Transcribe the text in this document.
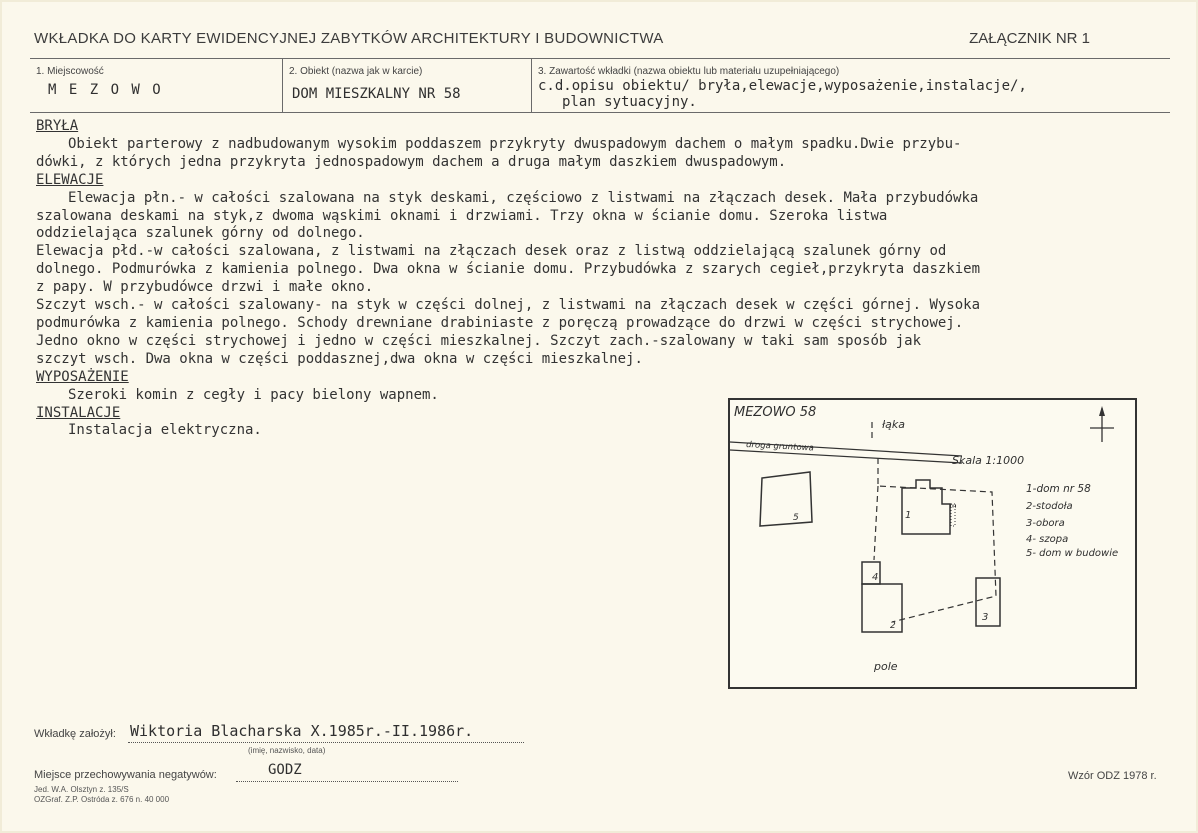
WKŁADKA DO KARTY EWIDENCYJNEJ ZABYTKÓW ARCHITEKTURY I BUDOWNICTWA	ZAŁĄCZNIK NR 1
1. Miejscowość
M E Z O W O
2. Obiekt (nazwa jak w karcie)
DOM MIESZKALNY NR 58
3. Zawartość wkładki (nazwa obiektu lub materiału uzupełniającego)
c.d.opisu obiektu/ bryła,elewacje,wyposażenie,instalacje/,
plan sytuacyjny.

BRYŁA

Obiekt parterowy z nadbudowanym wysokim poddaszem przykryty dwuspadowym dachem o małym spadku.Dwie przybu-

dówki, z których jedna przykryta jednospadowym dachem a druga małym daszkiem dwuspadowym.

ELEWACJE

Elewacja płn.- w całości szalowana na styk deskami, częściowo z listwami na złączach desek. Mała przybudówka

szalowana deskami na styk,z dwoma wąskimi oknami i drzwiami. Trzy okna w ścianie domu. Szeroka listwa

oddzielająca szalunek górny od dolnego.

Elewacja płd.-w całości szalowana, z listwami na złączach desek oraz z listwą oddzielającą szalunek górny od

dolnego. Podmurówka z kamienia polnego. Dwa okna w ścianie domu. Przybudówka z szarych cegieł,przykryta daszkiem

z papy. W przybudówce drzwi i małe okno.

Szczyt wsch.- w całości szalowany- na styk w części dolnej, z listwami na złączach desek w części górnej. Wysoka

podmurówka z kamienia polnego. Schody drewniane drabiniaste z poręczą prowadzące do drzwi w części strychowej.

Jedno okno w części strychowej i jedno w części mieszkalnej. Szczyt zach.-szalowany w taki sam sposób jak

szczyt wsch. Dwa okna w części poddasznej,dwa okna w części mieszkalnej.

WYPOSAŻENIE

Szeroki komin z cegły i pacy bielony wapnem.

INSTALACJE

Instalacja elektryczna.

MEZOWO 58
łąka
droga gruntowa
Skala 1:1000
5	1
4
2
3
1-dom nr 58
2-stodoła
3-obora
4- szopa
5- dom w budowie
pole
Wkładkę założył: Wiktoria Blacharska X.1985r.-II.1986r.
(imię, nazwisko, data)
Miejsce przechowywania negatywów:	GODZ
Jed. W.A. Olsztyn z. 135/S
OZGraf. Z.P. Ostróda z. 676 n. 40 000
Wzór ODZ 1978 r.
